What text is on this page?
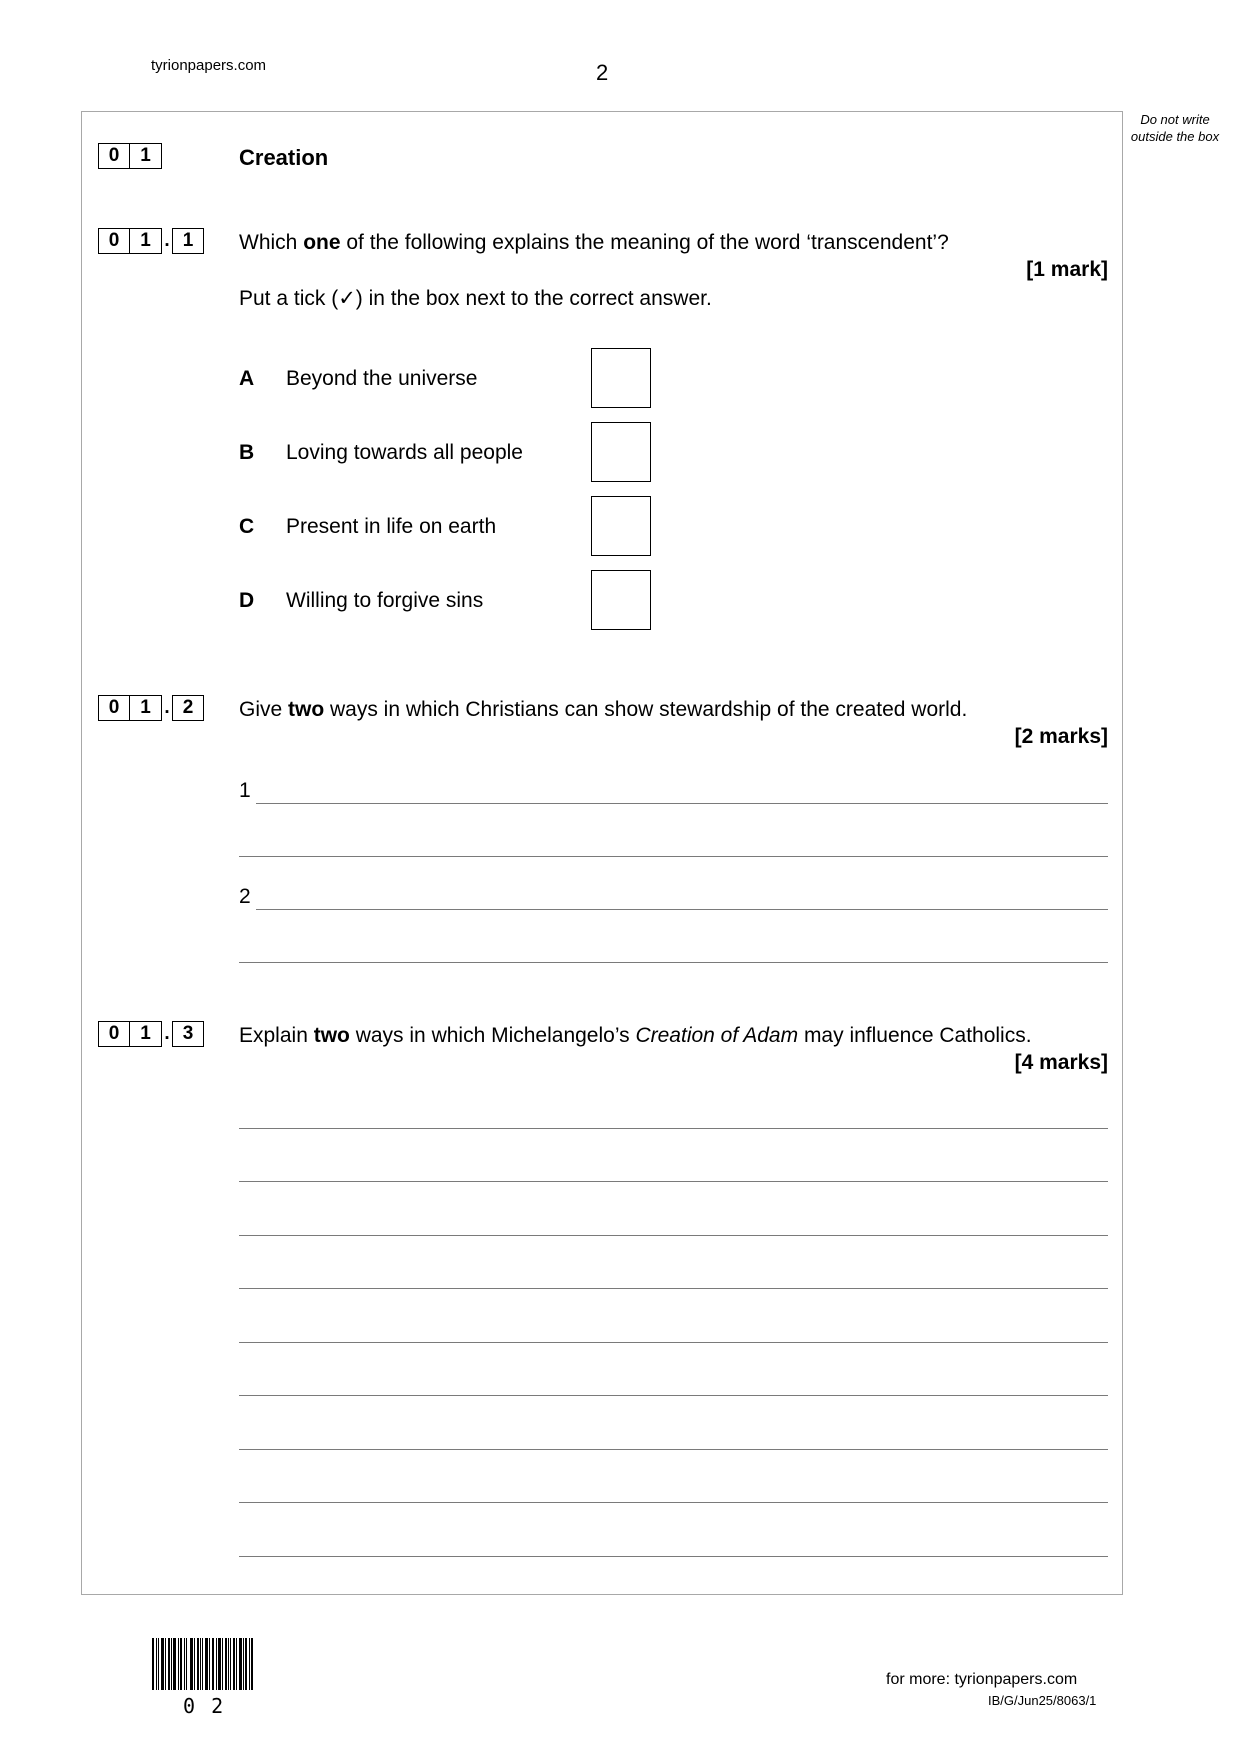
tyrionpapers.com	2
Do not write outside the box
0	1	Creation
0	1 . 1	Which one of the following explains the meaning of the word ‘transcendent’?
[1 mark]
Put a tick (✓) in the box next to the correct answer.
A Beyond the universe
B Loving towards all people
C Present in life on earth
D Willing to forgive sins
0	1 . 2	Give two ways in which Christians can show stewardship of the created world.
[2 marks]
1
2
0	1 . 3	Explain two ways in which Michelangelo’s Creation of Adam may influence Catholics.
[4 marks]
0 2
for more: tyrionpapers.com
IB/G/Jun25/8063/1
